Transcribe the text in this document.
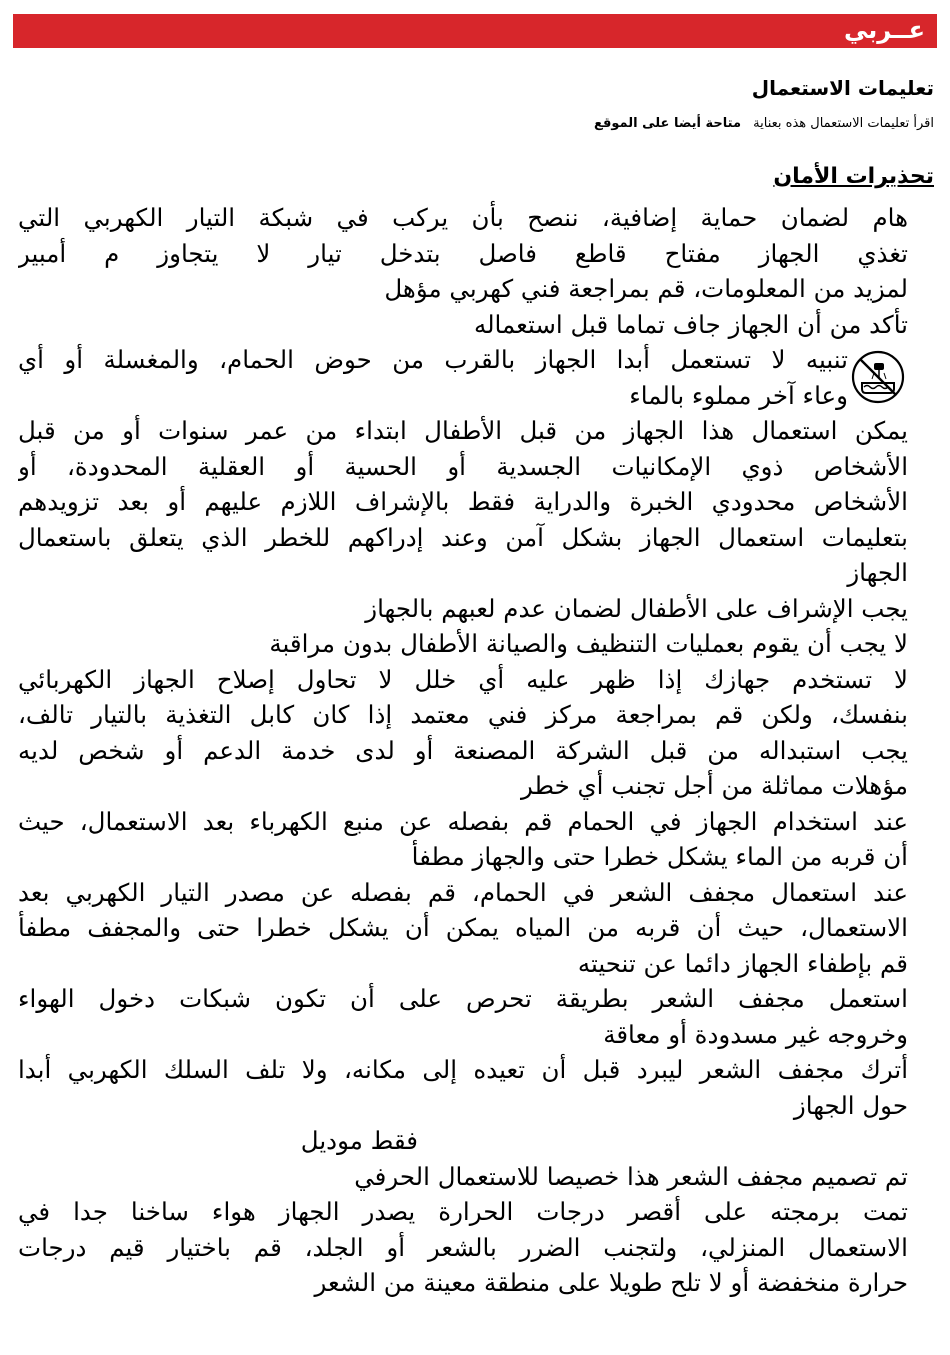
عــربي
تعليمات الاستعمال
اقرأ تعليمات الاستعمال هذه بعناية متاحة أيضا على الموقع
تحذيرات الأمان
هام لضمان حماية إضافية، ننصح بأن يركب في شبكة التيار الكهربي التي
تغذي الجهاز مفتاح قاطع فاصل بتدخل تيار لا يتجاوز م أمبير
لمزيد من المعلومات، قم بمراجعة فني كهربي مؤهل
تأكد من أن الجهاز جاف تماما قبل استعماله
تنبيه لا تستعمل أبدا الجهاز بالقرب من حوض الحمام، والمغسلة أو أي
وعاء آخر مملوء بالماء
يمكن استعمال هذا الجهاز من قبل الأطفال ابتداء من عمر سنوات أو من قبل
الأشخاص ذوي الإمكانيات الجسدية أو الحسية أو العقلية المحدودة، أو
الأشخاص محدودي الخبرة والدراية فقط بالإشراف اللازم عليهم أو بعد تزويدهم
بتعليمات استعمال الجهاز بشكل آمن وعند إدراكهم للخطر الذي يتعلق باستعمال
الجهاز
يجب الإشراف على الأطفال لضمان عدم لعبهم بالجهاز
لا يجب أن يقوم بعمليات التنظيف والصيانة الأطفال بدون مراقبة
لا تستخدم جهازك إذا ظهر عليه أي خلل لا تحاول إصلاح الجهاز الكهربائي
بنفسك، ولكن قم بمراجعة مركز فني معتمد إذا كان كابل التغذية بالتيار تالف،
يجب استبداله من قبل الشركة المصنعة أو لدى خدمة الدعم أو شخص لديه
مؤهلات مماثلة من أجل تجنب أي خطر
عند استخدام الجهاز في الحمام قم بفصله عن منبع الكهرباء بعد الاستعمال، حيث
أن قربه من الماء يشكل خطرا حتى والجهاز مطفأ
عند استعمال مجفف الشعر في الحمام، قم بفصله عن مصدر التيار الكهربي بعد
الاستعمال، حيث أن قربه من المياه يمكن أن يشكل خطرا حتى والمجفف مطفأ
قم بإطفاء الجهاز دائما عن تنحيته
استعمل مجفف الشعر بطريقة تحرص على أن تكون شبكات دخول الهواء
وخروجه غير مسدودة أو معاقة
أترك مجفف الشعر ليبرد قبل أن تعيده إلى مكانه، ولا تلف السلك الكهربي أبدا
حول الجهاز
فقط موديل
تم تصميم مجفف الشعر هذا خصيصا للاستعمال الحرفي
تمت برمجته على أقصر درجات الحرارة يصدر الجهاز هواء ساخنا جدا في
الاستعمال المنزلي، ولتجنب الضرر بالشعر أو الجلد، قم باختيار قيم درجات
حرارة منخفضة أو لا تلح طويلا على منطقة معينة من الشعر
